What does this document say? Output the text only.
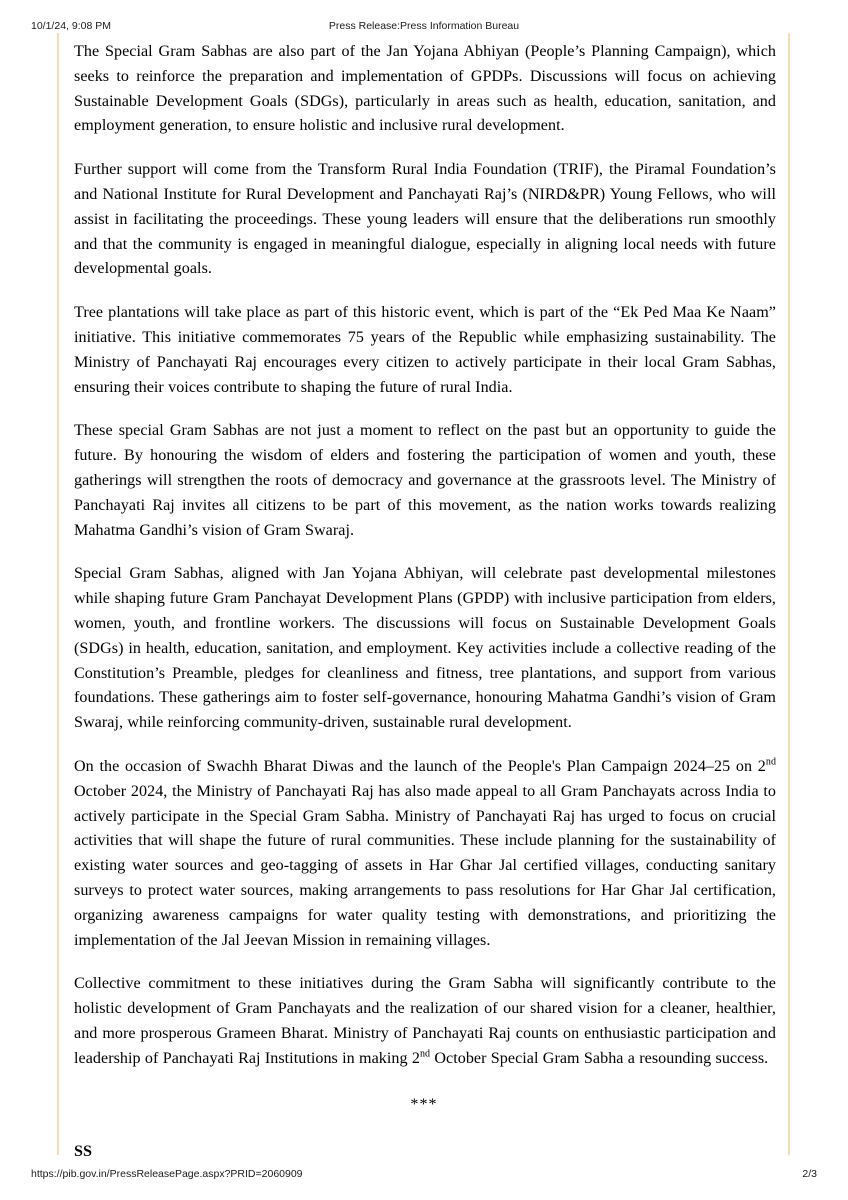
10/1/24, 9:08 PM	Press Release:Press Information Bureau

The Special Gram Sabhas are also part of the Jan Yojana Abhiyan (People’s Planning Campaign), which seeks to reinforce the preparation and implementation of GPDPs. Discussions will focus on achieving Sustainable Development Goals (SDGs), particularly in areas such as health, education, sanitation, and employment generation, to ensure holistic and inclusive rural development.

Further support will come from the Transform Rural India Foundation (TRIF), the Piramal Foundation’s and National Institute for Rural Development and Panchayati Raj’s (NIRD&PR) Young Fellows, who will assist in facilitating the proceedings. These young leaders will ensure that the deliberations run smoothly and that the community is engaged in meaningful dialogue, especially in aligning local needs with future developmental goals.

Tree plantations will take place as part of this historic event, which is part of the “Ek Ped Maa Ke Naam” initiative. This initiative commemorates 75 years of the Republic while emphasizing sustainability. The Ministry of Panchayati Raj encourages every citizen to actively participate in their local Gram Sabhas, ensuring their voices contribute to shaping the future of rural India.

These special Gram Sabhas are not just a moment to reflect on the past but an opportunity to guide the future. By honouring the wisdom of elders and fostering the participation of women and youth, these gatherings will strengthen the roots of democracy and governance at the grassroots level. The Ministry of Panchayati Raj invites all citizens to be part of this movement, as the nation works towards realizing Mahatma Gandhi’s vision of Gram Swaraj.

Special Gram Sabhas, aligned with Jan Yojana Abhiyan, will celebrate past developmental milestones while shaping future Gram Panchayat Development Plans (GPDP) with inclusive participation from elders, women, youth, and frontline workers. The discussions will focus on Sustainable Development Goals (SDGs) in health, education, sanitation, and employment. Key activities include a collective reading of the Constitution’s Preamble, pledges for cleanliness and fitness, tree plantations, and support from various foundations. These gatherings aim to foster self-governance, honouring Mahatma Gandhi’s vision of Gram Swaraj, while reinforcing community-driven, sustainable rural development.

On the occasion of Swachh Bharat Diwas and the launch of the People's Plan Campaign 2024–25 on 2nd October 2024, the Ministry of Panchayati Raj has also made appeal to all Gram Panchayats across India to actively participate in the Special Gram Sabha. Ministry of Panchayati Raj has urged to focus on crucial activities that will shape the future of rural communities. These include planning for the sustainability of existing water sources and geo-tagging of assets in Har Ghar Jal certified villages, conducting sanitary surveys to protect water sources, making arrangements to pass resolutions for Har Ghar Jal certification, organizing awareness campaigns for water quality testing with demonstrations, and prioritizing the implementation of the Jal Jeevan Mission in remaining villages.

Collective commitment to these initiatives during the Gram Sabha will significantly contribute to the holistic development of Gram Panchayats and the realization of our shared vision for a cleaner, healthier, and more prosperous Grameen Bharat. Ministry of Panchayati Raj counts on enthusiastic participation and leadership of Panchayati Raj Institutions in making 2nd October Special Gram Sabha a resounding success.

***

SS

https://pib.gov.in/PressReleasePage.aspx?PRID=2060909	2/3
